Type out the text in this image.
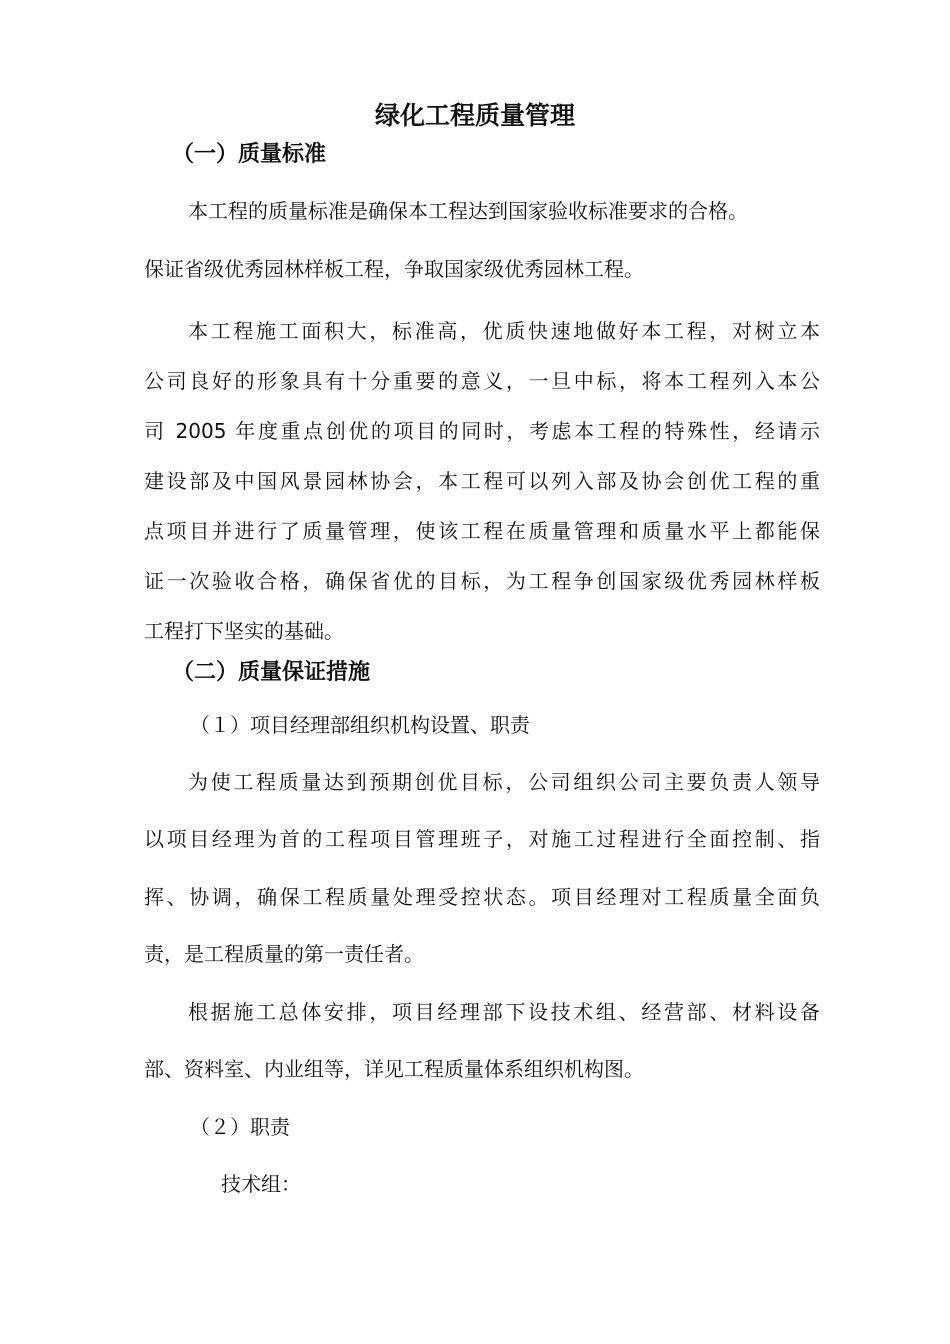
绿化工程质量管理
（一）质量标准
本工程的质量标准是确保本工程达到国家验收标准要求的合格。
保证省级优秀园林样板工程，争取国家级优秀园林工程。
本工程施工面积大，标准高，优质快速地做好本工程，对树立本
公司良好的形象具有十分重要的意义，一旦中标，将本工程列入本公
司 2005 年度重点创优的项目的同时，考虑本工程的特殊性，经请示
建设部及中国风景园林协会，本工程可以列入部及协会创优工程的重
点项目并进行了质量管理，使该工程在质量管理和质量水平上都能保
证一次验收合格，确保省优的目标，为工程争创国家级优秀园林样板
工程打下坚实的基础。
（二）质量保证措施
（１）项目经理部组织机构设置、职责
为使工程质量达到预期创优目标，公司组织公司主要负责人领导
以项目经理为首的工程项目管理班子，对施工过程进行全面控制、指
挥、协调，确保工程质量处理受控状态。项目经理对工程质量全面负
责，是工程质量的第一责任者。
根据施工总体安排，项目经理部下设技术组、经营部、材料设备
部、资料室、内业组等，详见工程质量体系组织机构图。
（２）职责
技术组：
